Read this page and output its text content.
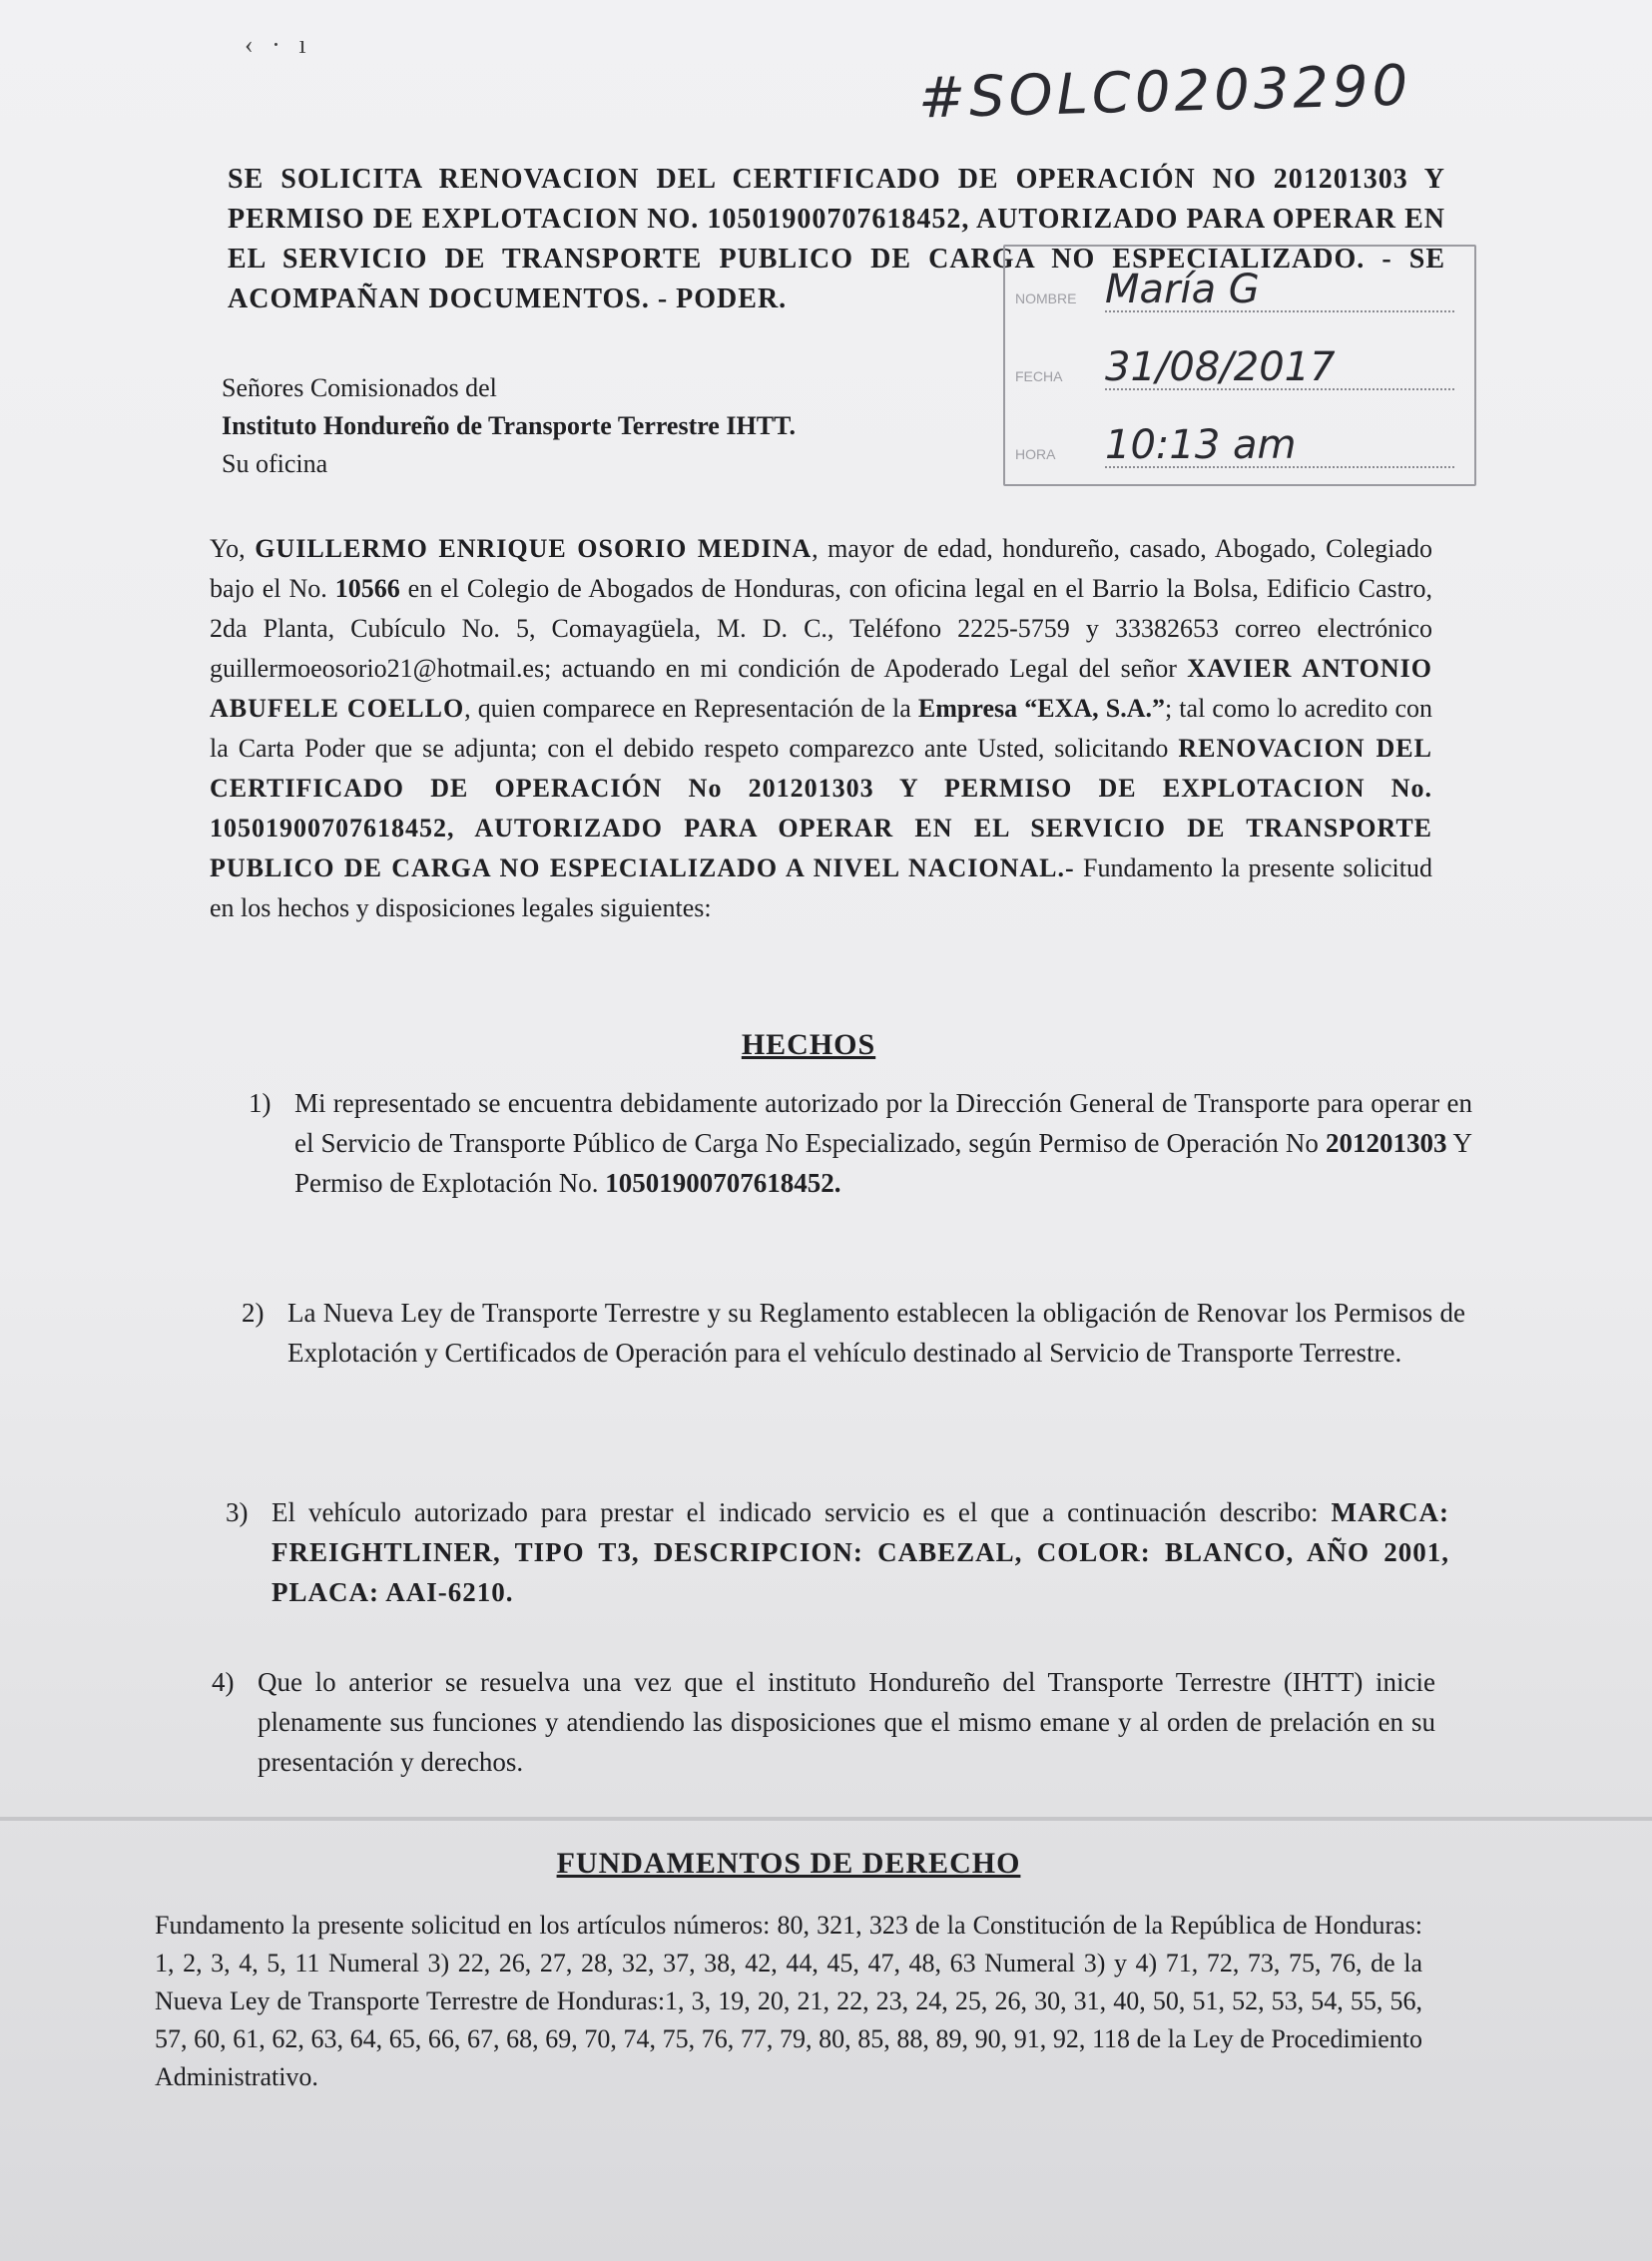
‹ · ı
#SOLC0203290
SE SOLICITA RENOVACION DEL CERTIFICADO DE OPERACIÓN NO 201201303 Y PERMISO DE EXPLOTACION NO. 10501900707618452, AUTORIZADO PARA OPERAR EN EL SERVICIO DE TRANSPORTE PUBLICO DE CARGA NO ESPECIALIZADO. - SE ACOMPAÑAN DOCUMENTOS. - PODER.	NOMBRE María G
FECHA 31/08/2017
HORA 10:13 am
Señores Comisionados del
Instituto Hondureño de Transporte Terrestre IHTT.
Su oficina
Yo, GUILLERMO ENRIQUE OSORIO MEDINA, mayor de edad, hondureño, casado, Abogado, Colegiado bajo el No. 10566 en el Colegio de Abogados de Honduras, con oficina legal en el Barrio la Bolsa, Edificio Castro, 2da Planta, Cubículo No. 5, Comayagüela, M. D. C., Teléfono 2225-5759 y 33382653 correo electrónico guillermoeosorio21@hotmail.es; actuando en mi condición de Apoderado Legal del señor XAVIER ANTONIO ABUFELE COELLO, quien comparece en Representación de la Empresa “EXA, S.A.”; tal como lo acredito con la Carta Poder que se adjunta; con el debido respeto comparezco ante Usted, solicitando RENOVACION DEL CERTIFICADO DE OPERACIÓN No 201201303 Y PERMISO DE EXPLOTACION No. 10501900707618452, AUTORIZADO PARA OPERAR EN EL SERVICIO DE TRANSPORTE PUBLICO DE CARGA NO ESPECIALIZADO A NIVEL NACIONAL.- Fundamento la presente solicitud en los hechos y disposiciones legales siguientes:
HECHOS
1) Mi representado se encuentra debidamente autorizado por la Dirección General de Transporte para operar en el Servicio de Transporte Público de Carga No Especializado, según Permiso de Operación No 201201303 Y Permiso de Explotación No. 10501900707618452.
2) La Nueva Ley de Transporte Terrestre y su Reglamento establecen la obligación de Renovar los Permisos de Explotación y Certificados de Operación para el vehículo destinado al Servicio de Transporte Terrestre.
3) El vehículo autorizado para prestar el indicado servicio es el que a continuación describo: MARCA: FREIGHTLINER, TIPO T3, DESCRIPCION: CABEZAL, COLOR: BLANCO, AÑO 2001, PLACA: AAI-6210.
4) Que lo anterior se resuelva una vez que el instituto Hondureño del Transporte Terrestre (IHTT) inicie plenamente sus funciones y atendiendo las disposiciones que el mismo emane y al orden de prelación en su presentación y derechos.
FUNDAMENTOS DE DERECHO
Fundamento la presente solicitud en los artículos números: 80, 321, 323 de la Constitución de la República de Honduras: 1, 2, 3, 4, 5, 11 Numeral 3) 22, 26, 27, 28, 32, 37, 38, 42, 44, 45, 47, 48, 63 Numeral 3) y 4) 71, 72, 73, 75, 76, de la Nueva Ley de Transporte Terrestre de Honduras:1, 3, 19, 20, 21, 22, 23, 24, 25, 26, 30, 31, 40, 50, 51, 52, 53, 54, 55, 56, 57, 60, 61, 62, 63, 64, 65, 66, 67, 68, 69, 70, 74, 75, 76, 77, 79, 80, 85, 88, 89, 90, 91, 92, 118 de la Ley de Procedimiento Administrativo.
